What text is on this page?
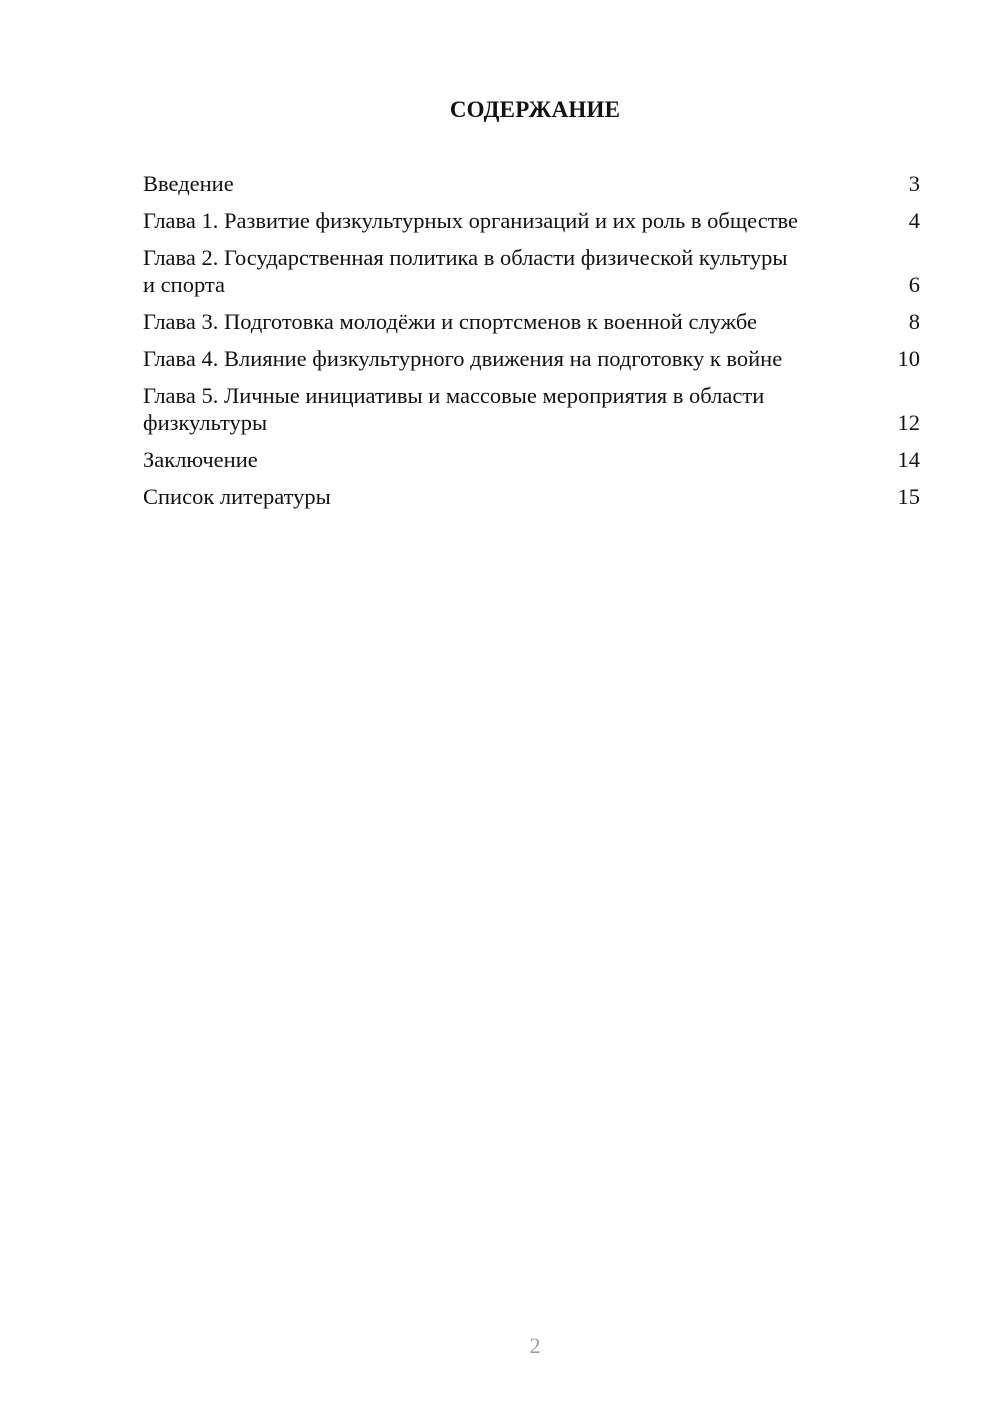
СОДЕРЖАНИЕ
Введение	3
Глава 1. Развитие физкультурных организаций и их роль в обществе	4
Глава 2. Государственная политика в области физической культуры и спорта	6
Глава 3. Подготовка молодёжи и спортсменов к военной службе	8
Глава 4. Влияние физкультурного движения на подготовку к войне	10
Глава 5. Личные инициативы и массовые мероприятия в области физкультуры	12
Заключение	14
Список литературы	15
2
